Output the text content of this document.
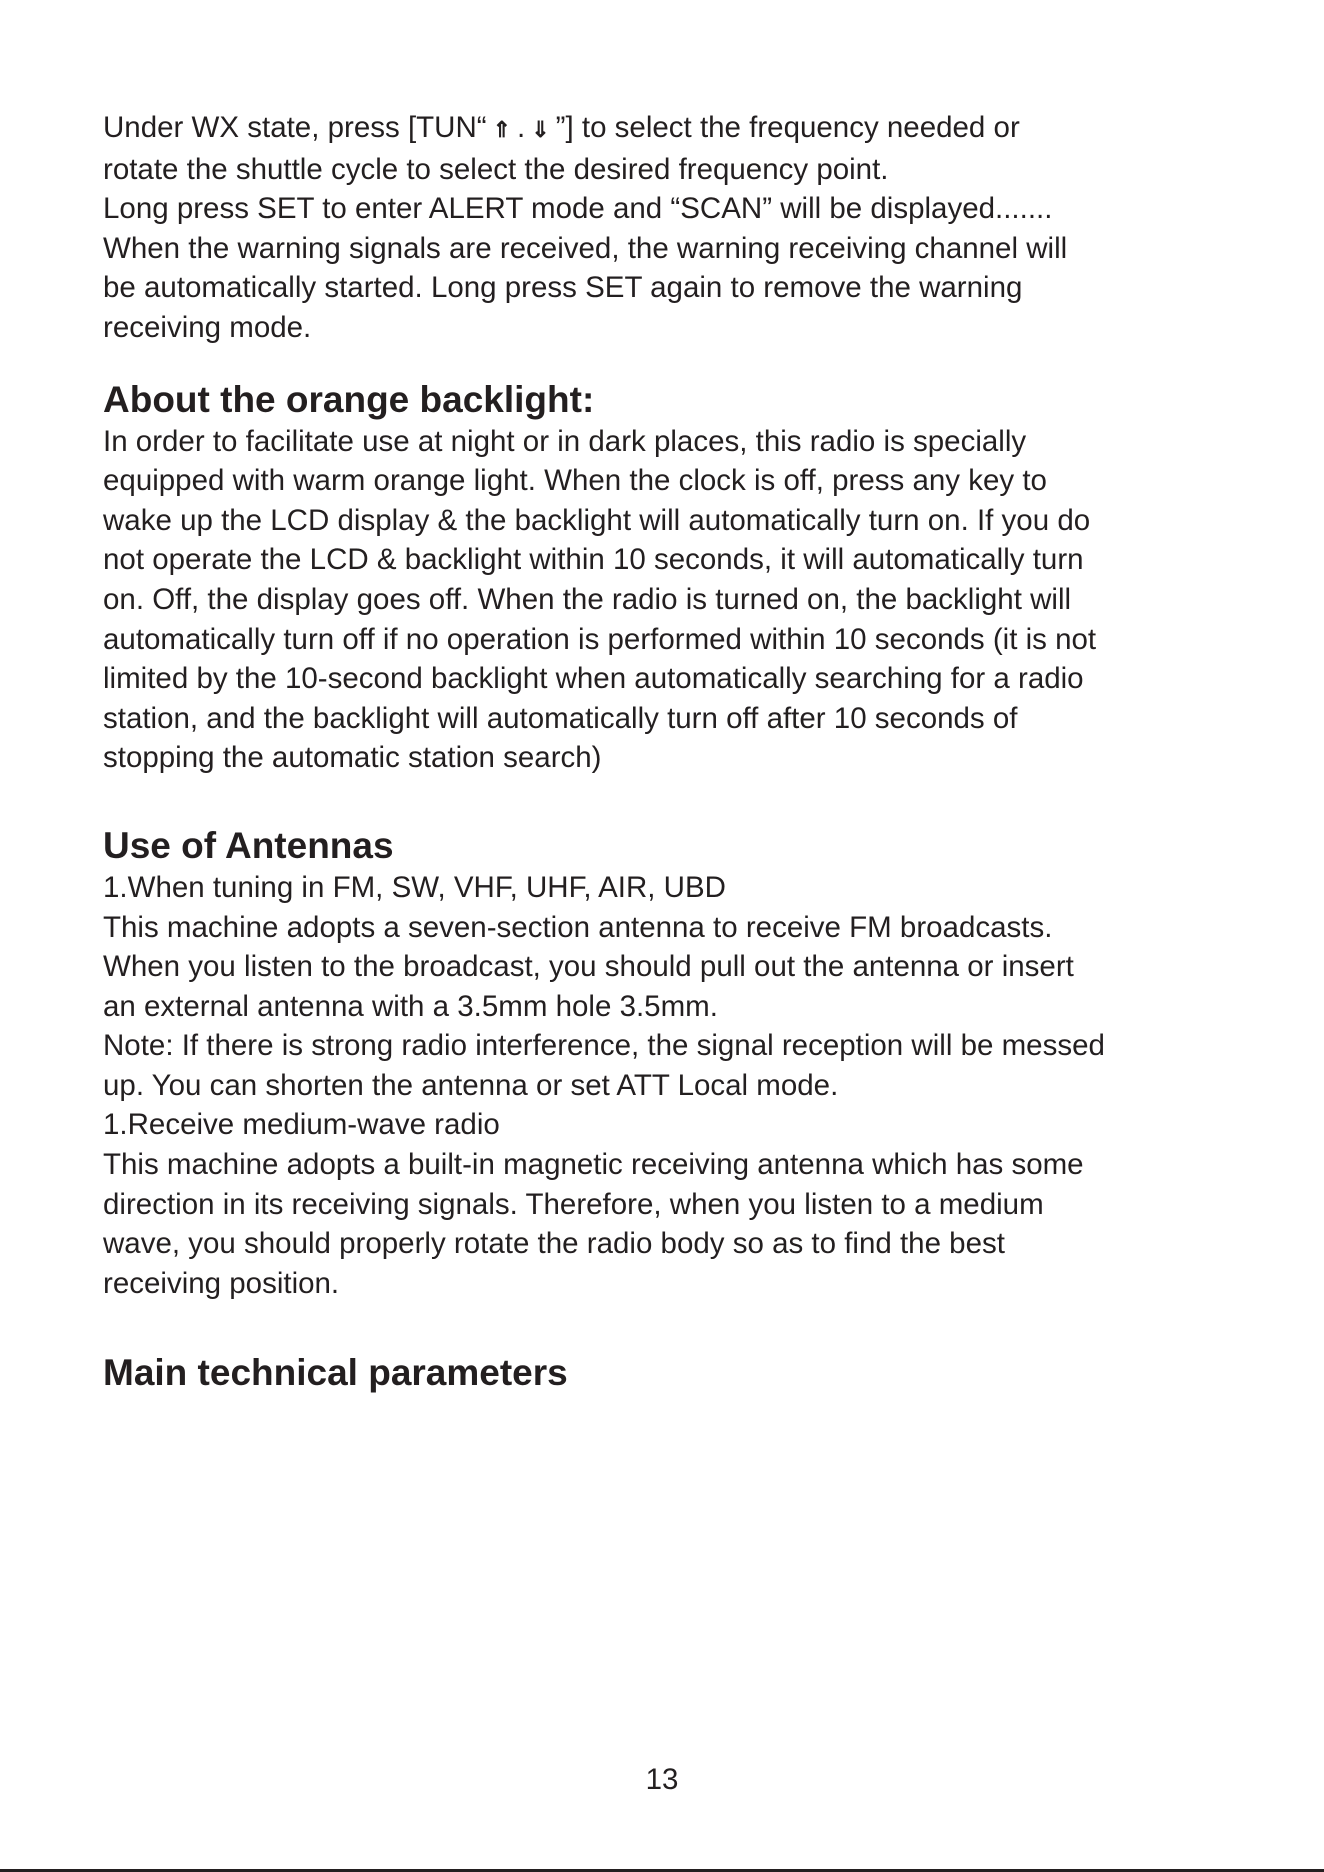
Under WX state, press [TUN“ ⇑ . ⇓ ”] to select the frequency needed or

rotate the shuttle cycle to select the desired frequency point.

Long press SET to enter ALERT mode and “SCAN” will be displayed.......

When the warning signals are received, the warning receiving channel will

be automatically started. Long press SET again to remove the warning

receiving mode.

About the orange backlight:

In order to facilitate use at night or in dark places, this radio is specially

equipped with warm orange light. When the clock is off, press any key to

wake up the LCD display & the backlight will automatically turn on. If you do

not operate the LCD & backlight within 10 seconds, it will automatically turn

on. Off, the display goes off. When the radio is turned on, the backlight will

automatically turn off if no operation is performed within 10 seconds (it is not

limited by the 10-second backlight when automatically searching for a radio

station, and the backlight will automatically turn off after 10 seconds of

stopping the automatic station search)

Use of Antennas

1.When tuning in FM, SW, VHF, UHF, AIR, UBD

This machine adopts a seven-section antenna to receive FM broadcasts.

When you listen to the broadcast, you should pull out the antenna or insert

an external antenna with a 3.5mm hole 3.5mm.

Note: If there is strong radio interference, the signal reception will be messed

up. You can shorten the antenna or set ATT Local mode.

1.Receive medium-wave radio

This machine adopts a built-in magnetic receiving antenna which has some

direction in its receiving signals. Therefore, when you listen to a medium

wave, you should properly rotate the radio body so as to find the best

receiving position.

Main technical parameters
13
